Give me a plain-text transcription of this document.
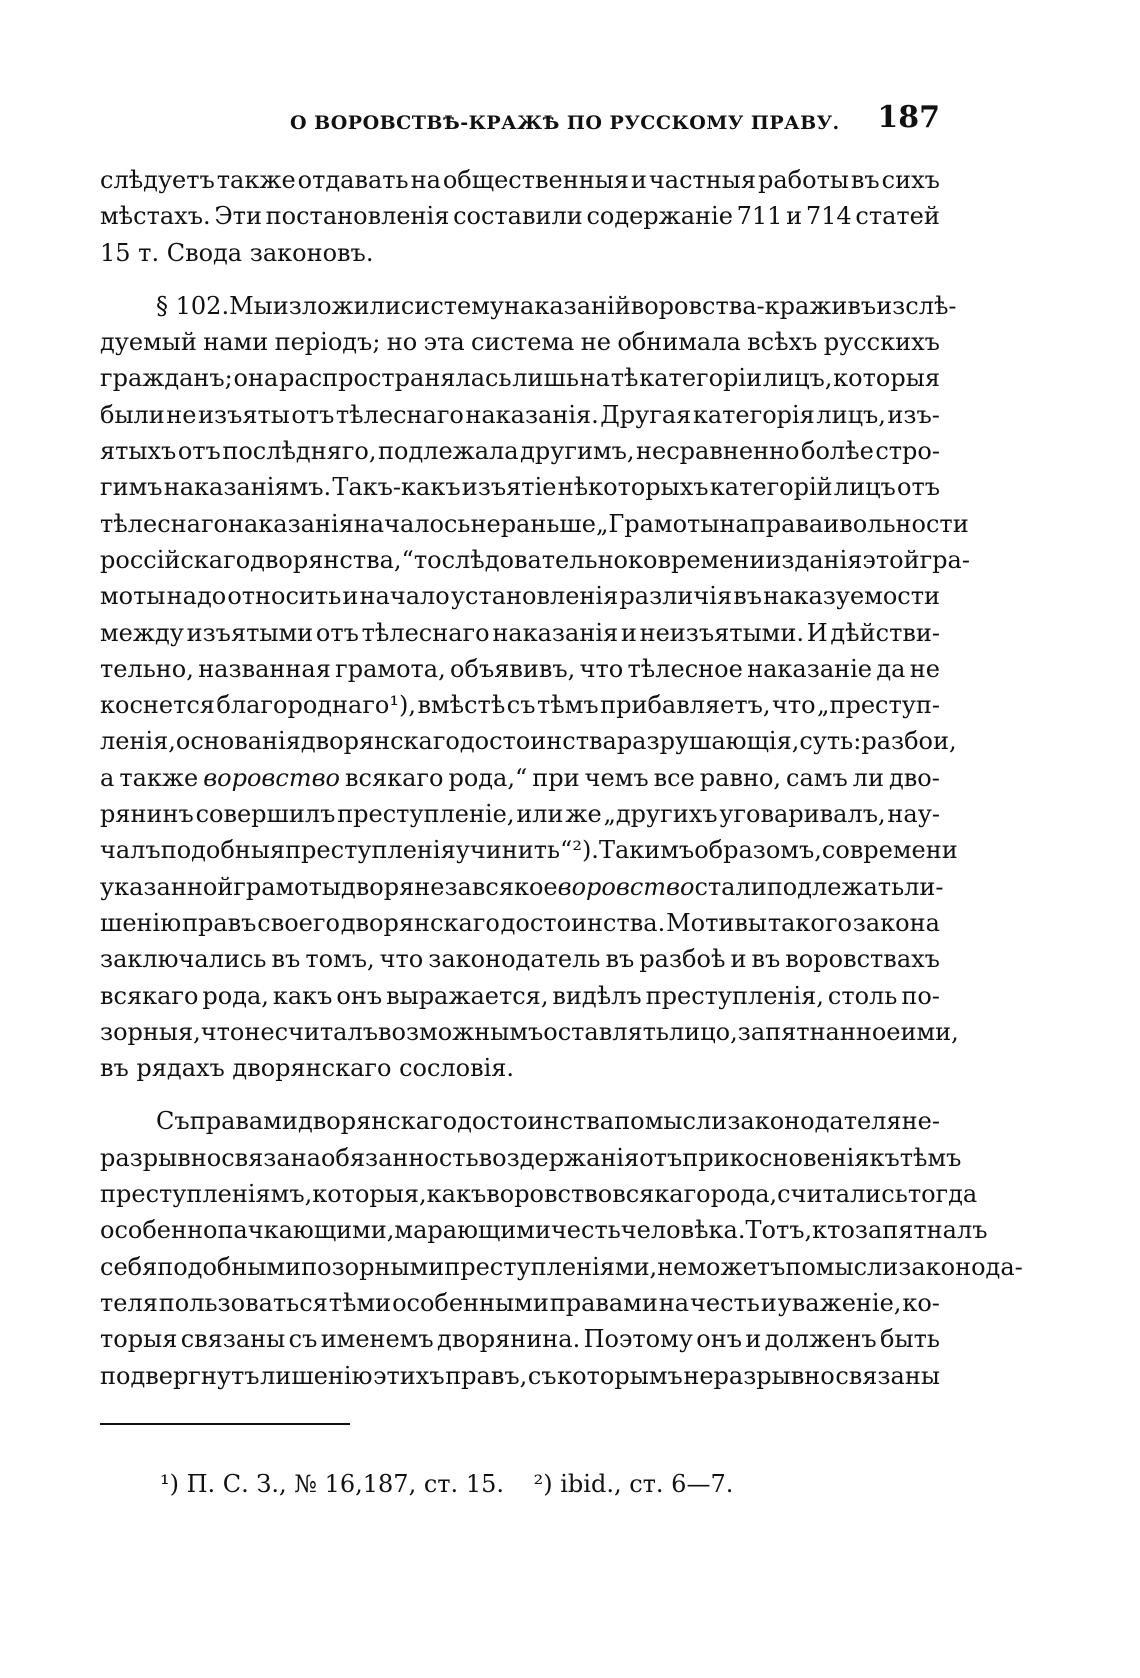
О ВОРОВСТВѢ-КРАЖѢ ПО РУССКОМУ ПРАВУ. 187
слѣдуетъ также отдавать на общественныя и частныя работы въ сихъ
мѣстахъ. Эти постановленія составили содержаніе 711 и 714 статей
15 т. Свода законовъ.
§ 102. Мы изложили систему наказаній воровства-кражи въ изслѣ-
дуемый нами періодъ; но эта система не обнимала всѣхъ русскихъ
гражданъ; она распространялась лишь на тѣ категоріи лицъ, которыя
были не изъяты отъ тѣлеснаго наказанія. Другая категорія лицъ, изъ-
ятыхъ отъ послѣдняго, подлежала другимъ, несравненно болѣе стро-
гимъ наказаніямъ. Такъ-какъ изъятіе нѣкоторыхъ категорій лицъ отъ
тѣлеснаго наказанія началось не раньше „Грамоты на права и вольности
россійскаго дворянства,“ то слѣдовательно ко времени изданія этой гра-
моты надо относить и начало установленія различія въ наказуемости
между изъятыми отъ тѣлеснаго наказанія и неизъятыми. И дѣйстви-
тельно, названная грамота, объявивъ, что тѣлесное наказаніе да не
коснется благороднаго¹), вмѣстѣ съ тѣмъ прибавляетъ, что „преступ-
ленія, основанія дворянскаго достоинства разрушающія, суть: разбои,
а также воровство всякаго рода,“ при чемъ все равно, самъ ли дво-
рянинъ совершилъ преступленіе, или же „другихъ уговаривалъ, нау-
чалъ подобныя преступленія учинить“²). Такимъ образомъ, со времени
указанной грамоты дворяне за всякое воровство стали подлежать ли-
шенію правъ своего дворянскаго достоинства. Мотивы такого закона
заключались въ томъ, что законодатель въ разбоѣ и въ воровствахъ
всякаго рода, какъ онъ выражается, видѣлъ преступленія, столь по-
зорныя, что не считалъ возможнымъ оставлять лицо, запятнанное ими,
въ рядахъ дворянскаго сословія.
Съ правами дворянскаго достоинства по мысли законодателя не-
разрывно связана обязанность воздержанія отъ прикосновенія къ тѣмъ
преступленіямъ, которыя, какъ воровство всякаго рода, считались тогда
особенно пачкающими, марающими честь человѣка. Тотъ, кто запятналъ
себя подобными позорными преступленіями, не можетъ по мысли законода-
теля пользоваться тѣми особенными правами на честь и уваженіе, ко-
торыя связаны съ именемъ дворянина. Поэтому онъ и долженъ быть
подвергнутъ лишенію этихъ правъ, съ которымъ неразрывно связаны
¹) П. С. З., № 16,187, ст. 15. ²) ibid., ст. 6—7.
